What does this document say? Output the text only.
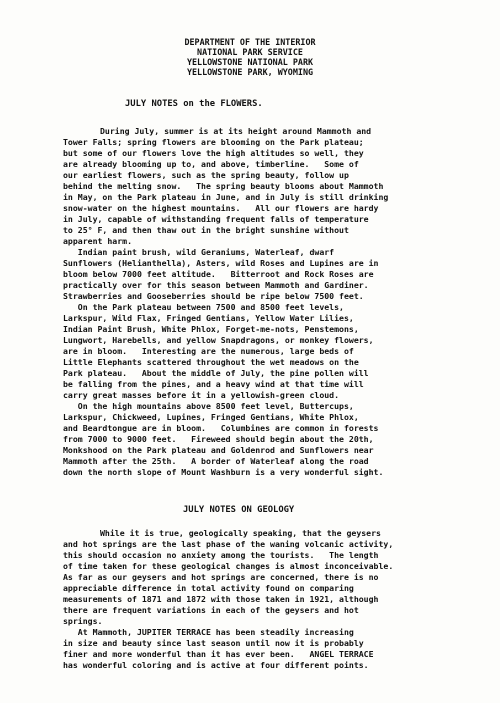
DEPARTMENT OF THE INTERIOR
NATIONAL PARK SERVICE
YELLOWSTONE NATIONAL PARK
YELLOWSTONE PARK, WYOMING
JULY NOTES on the FLOWERS.
During July, summer is at its height around Mammoth and
Tower Falls; spring flowers are blooming on the Park plateau;
but some of our flowers love the high altitudes so well, they
are already blooming up to, and above, timberline.   Some of
our earliest flowers, such as the spring beauty, follow up
behind the melting snow.   The spring beauty blooms about Mammoth
in May, on the Park plateau in June, and in July is still drinking
snow-water on the highest mountains.   All our flowers are hardy
in July, capable of withstanding frequent falls of temperature
to 25° F, and then thaw out in the bright sunshine without
apparent harm.
Indian paint brush, wild Geraniums, Waterleaf, dwarf
Sunflowers (Helianthella), Asters, wild Roses and Lupines are in
bloom below 7000 feet altitude.   Bitterroot and Rock Roses are
practically over for this season between Mammoth and Gardiner.
Strawberries and Gooseberries should be ripe below 7500 feet.
On the Park plateau between 7500 and 8500 feet levels,
Larkspur, Wild Flax, Fringed Gentians, Yellow Water Lilies,
Indian Paint Brush, White Phlox, Forget-me-nots, Penstemons,
Lungwort, Harebells, and yellow Snapdragons, or monkey flowers,
are in bloom.   Interesting are the numerous, large beds of
Little Elephants scattered throughout the wet meadows on the
Park plateau.   About the middle of July, the pine pollen will
be falling from the pines, and a heavy wind at that time will
carry great masses before it in a yellowish-green cloud.
On the high mountains above 8500 feet level, Buttercups,
Larkspur, Chickweed, Lupines, Fringed Gentians, White Phlox,
and Beardtongue are in bloom.   Columbines are common in forests
from 7000 to 9000 feet.   Fireweed should begin about the 20th,
Monkshood on the Park plateau and Goldenrod and Sunflowers near
Mammoth after the 25th.   A border of Waterleaf along the road
down the north slope of Mount Washburn is a very wonderful sight.
JULY NOTES ON GEOLOGY
While it is true, geologically speaking, that the geysers
and hot springs are the last phase of the waning volcanic activity,
this should occasion no anxiety among the tourists.   The length
of time taken for these geological changes is almost inconceivable.
As far as our geysers and hot springs are concerned, there is no
appreciable difference in total activity found on comparing
measurements of 1871 and 1872 with those taken in 1921, although
there are frequent variations in each of the geysers and hot
springs.
At Mammoth, JUPITER TERRACE has been steadily increasing
in size and beauty since last season until now it is probably
finer and more wonderful than it has ever been.   ANGEL TERRACE
has wonderful coloring and is active at four different points.
